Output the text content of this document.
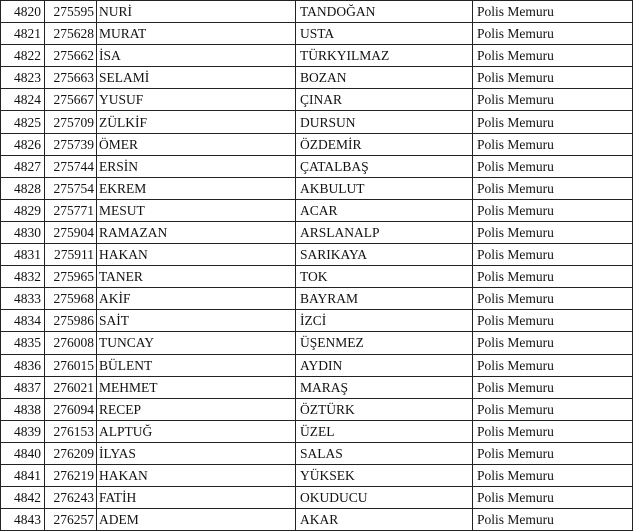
4820	275595	NURİ	TANDOĞAN	Polis Memuru
4821	275628	MURAT	USTA	Polis Memuru
4822	275662	İSA	TÜRKYILMAZ	Polis Memuru
4823	275663	SELAMİ	BOZAN	Polis Memuru
4824	275667	YUSUF	ÇINAR	Polis Memuru
4825	275709	ZÜLKİF	DURSUN	Polis Memuru
4826	275739	ÖMER	ÖZDEMİR	Polis Memuru
4827	275744	ERSİN	ÇATALBAŞ	Polis Memuru
4828	275754	EKREM	AKBULUT	Polis Memuru
4829	275771	MESUT	ACAR	Polis Memuru
4830	275904	RAMAZAN	ARSLANALP	Polis Memuru
4831	275911	HAKAN	SARIKAYA	Polis Memuru
4832	275965	TANER	TOK	Polis Memuru
4833	275968	AKİF	BAYRAM	Polis Memuru
4834	275986	SAİT	İZCİ	Polis Memuru
4835	276008	TUNCAY	ÜŞENMEZ	Polis Memuru
4836	276015	BÜLENT	AYDIN	Polis Memuru
4837	276021	MEHMET	MARAŞ	Polis Memuru
4838	276094	RECEP	ÖZTÜRK	Polis Memuru
4839	276153	ALPTUĞ	ÜZEL	Polis Memuru
4840	276209	İLYAS	SALAS	Polis Memuru
4841	276219	HAKAN	YÜKSEK	Polis Memuru
4842	276243	FATİH	OKUDUCU	Polis Memuru
4843	276257	ADEM	AKAR	Polis Memuru
